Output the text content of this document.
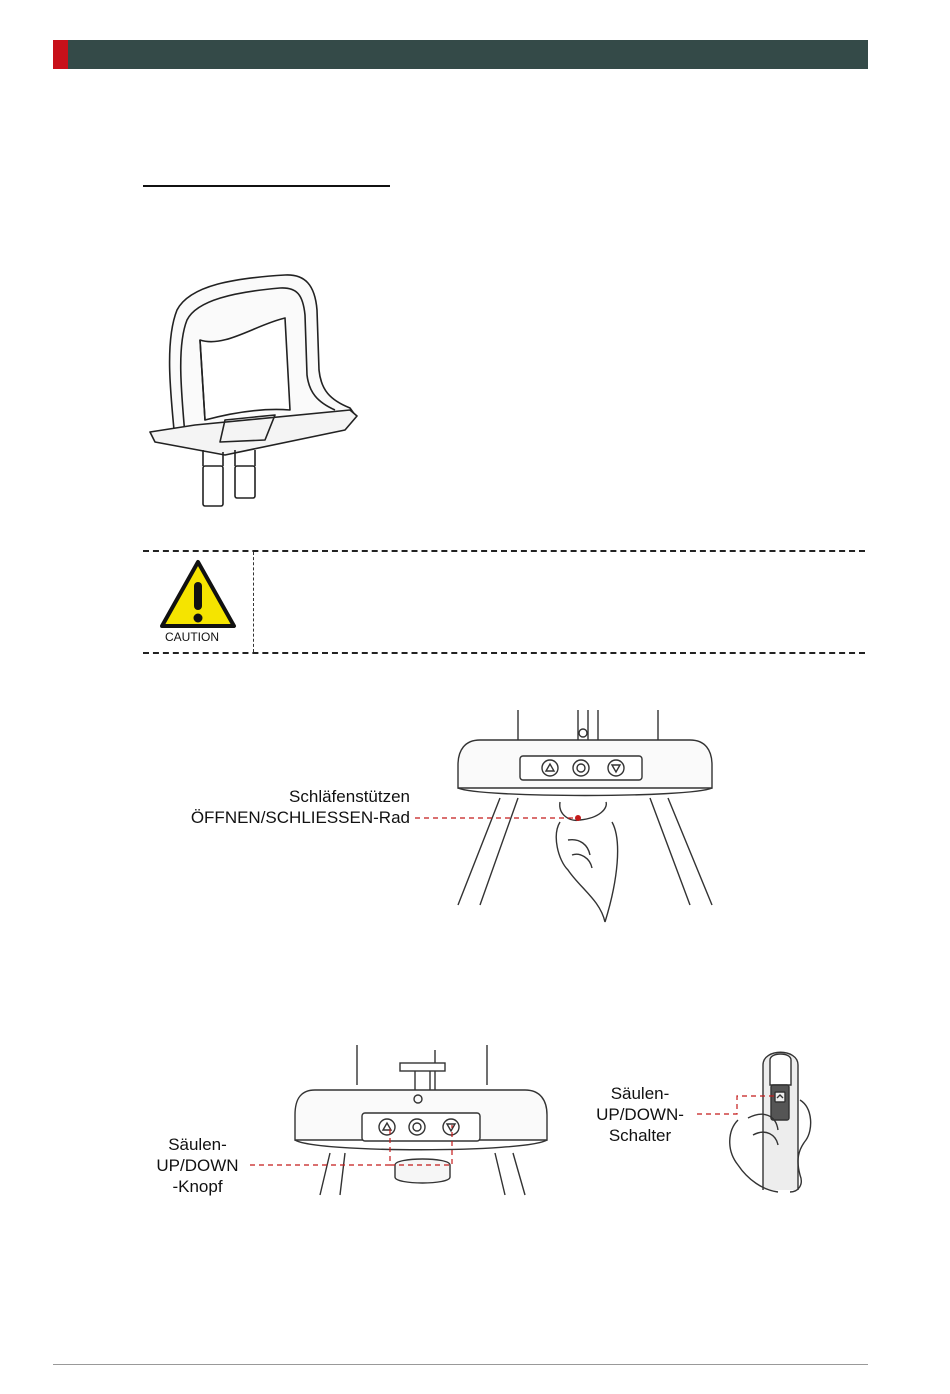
CAUTION
Schläfenstützen
ÖFFNEN/SCHLIESSEN-Rad
Säulen-
UP/DOWN
-Knopf
Säulen-
UP/DOWN-
Schalter
